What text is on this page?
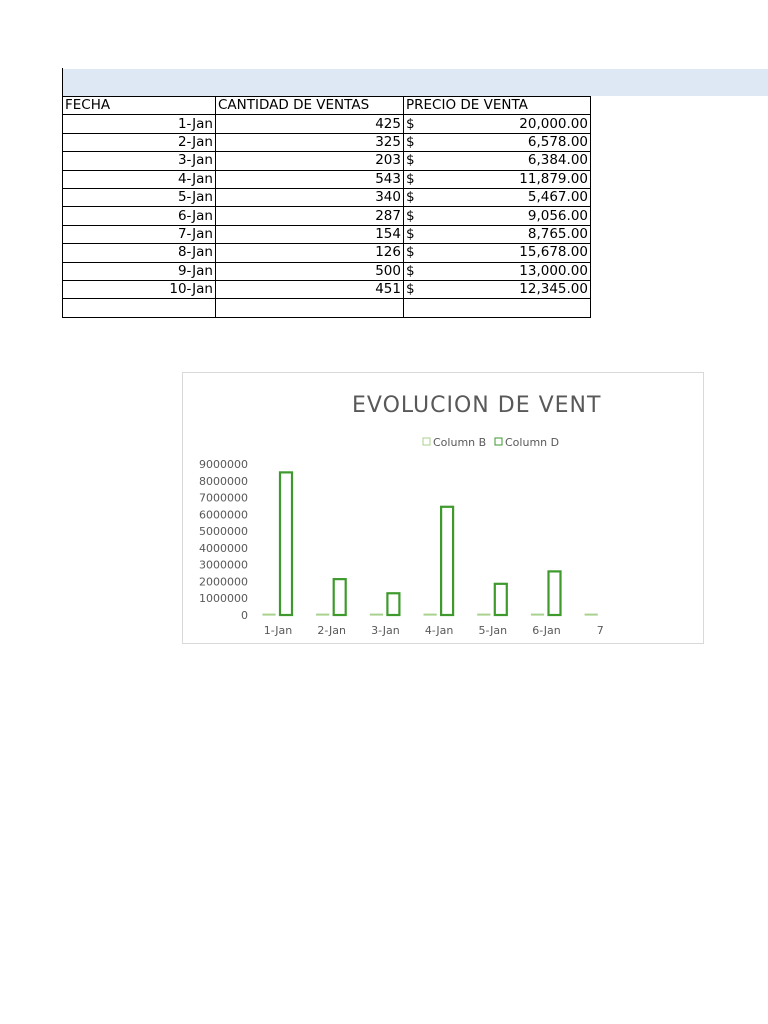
FECHA	CANTIDAD DE VENTAS	PRECIO DE VENTA
1-Jan	425	$ 20,000.00

2-Jan	325	$ 6,578.00

3-Jan	203	$ 6,384.00

4-Jan	543	$ 11,879.00

5-Jan	340	$ 5,467.00

6-Jan	287	$ 9,056.00

7-Jan	154	$ 8,765.00

8-Jan	126	$ 15,678.00

9-Jan	500	$ 13,000.00

10-Jan	451	$ 12,345.00

EVOLUCION DE VENT
Column B Column D
9000000
8000000
7000000
6000000
5000000
4000000
3000000
2000000
1000000
0
1-Jan 2-Jan 3-Jan 4-Jan 5-Jan 6-Jan	7
